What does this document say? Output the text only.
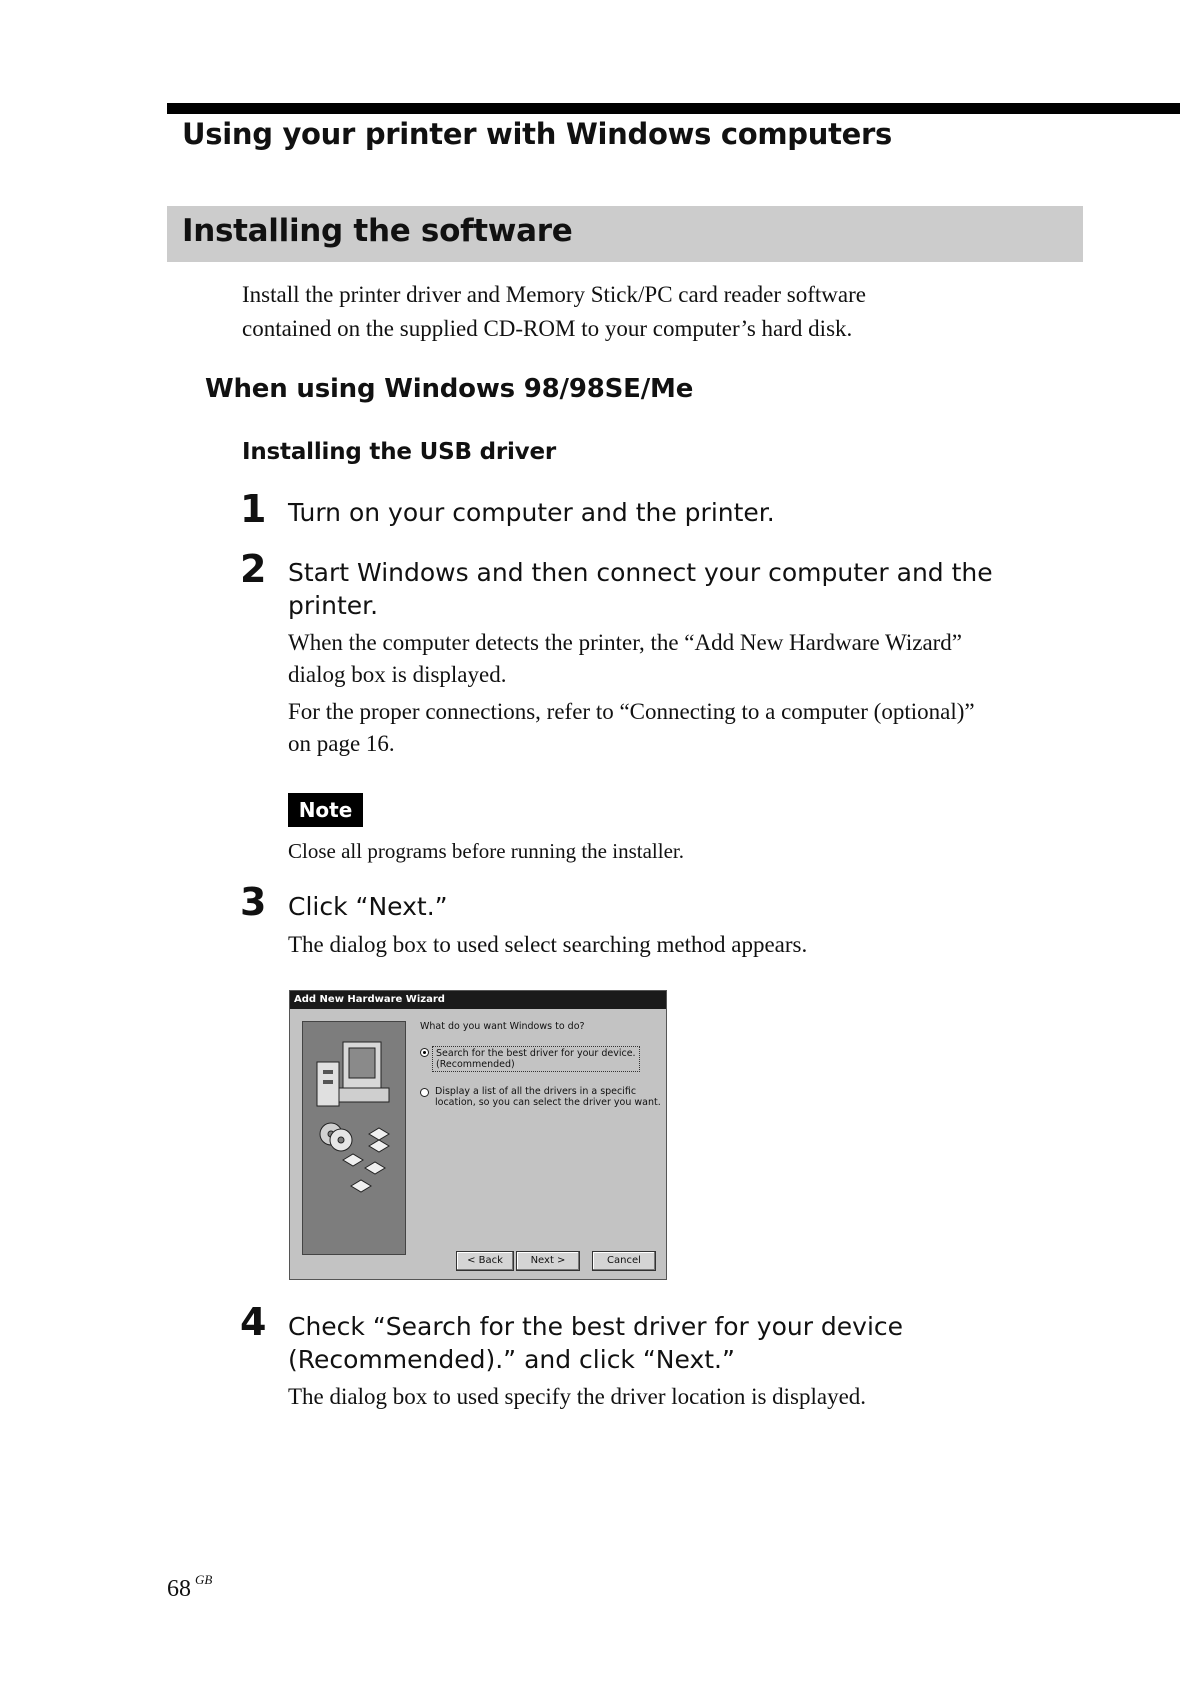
Using your printer with Windows computers
Installing the software
Install the printer driver and Memory Stick/PC card reader software
contained on the supplied CD-ROM to your computer’s hard disk.
When using Windows 98/98SE/Me
Installing the USB driver
1 Turn on your computer and the printer.
2 Start Windows and then connect your computer and the
printer.
When the computer detects the printer, the “Add New Hardware Wizard”
dialog box is displayed.
For the proper connections, refer to “Connecting to a computer (optional)”
on page 16.
Note
Close all programs before running the installer.
3 Click “Next.”
The dialog box to used select searching method appears.
Add New Hardware Wizard
What do you want Windows to do?
Search for the best driver for your device.
(Recommended)
Display a list of all the drivers in a specific
location, so you can select the driver you want.
< Back	Next >	Cancel
4 Check “Search for the best driver for your device
(Recommended).” and click “Next.”
The dialog box to used specify the driver location is displayed.
68 $^{GB}$
